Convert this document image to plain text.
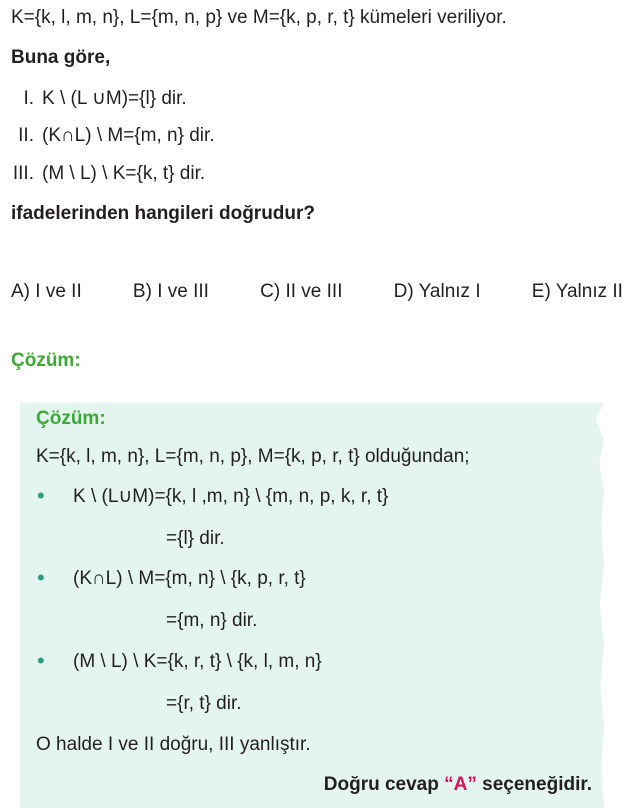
K={k, l, m, n}, L={m, n, p} ve M={k, p, r, t} kümeleri veriliyor.
Buna göre,
I. K \ (L ∪M)={l} dir.
II. (K∩L) \ M={m, n} dir.
III. (M \ L) \ K={k, t} dir.
ifadelerinden hangileri doğrudur?
A) I ve II	B) I ve III	C) II ve III	D) Yalnız I	E) Yalnız II
Çözüm:
Çözüm:
K={k, l, m, n}, L={m, n, p}, M={k, p, r, t} olduğundan;
• K \ (L∪M)={k, l ,m, n} \ {m, n, p, k, r, t}
={l} dir.
• (K∩L) \ M={m, n} \ {k, p, r, t}
={m, n} dir.
• (M \ L) \ K={k, r, t} \ {k, l, m, n}
={r, t} dir.
O halde I ve II doğru, III yanlıştır.
Doğru cevap “A” seçeneğidir.
